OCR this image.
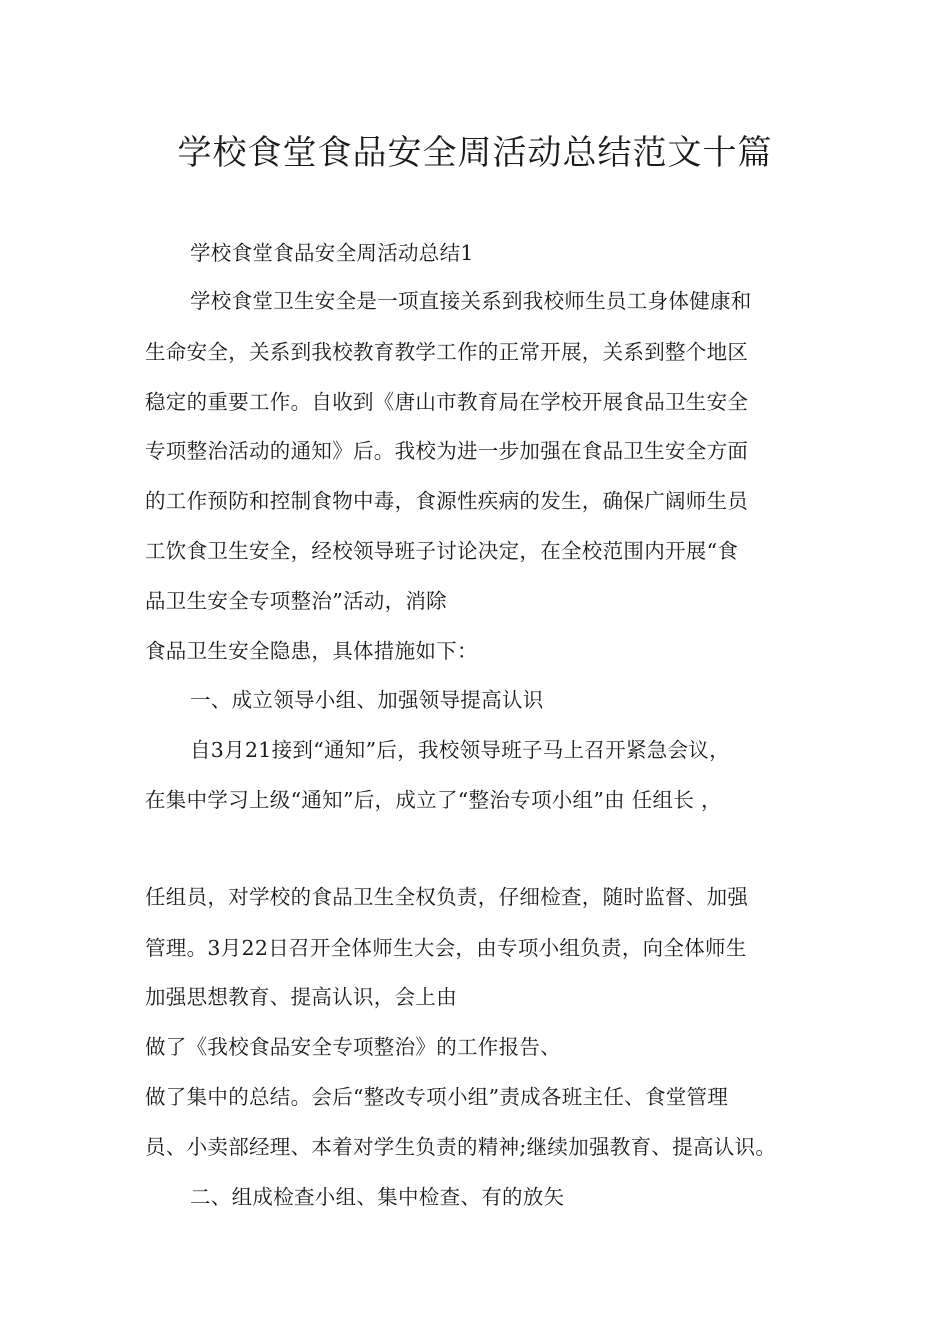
学校食堂食品安全周活动总结范文十篇
学校食堂食品安全周活动总结1
学校食堂卫生安全是一项直接关系到我校师生员工身体健康和
生命安全，关系到我校教育教学工作的正常开展，关系到整个地区
稳定的重要工作。自收到《唐山市教育局在学校开展食品卫生安全
专项整治活动的通知》后。我校为进一步加强在食品卫生安全方面
的工作预防和控制食物中毒，食源性疾病的发生，确保广阔师生员
工饮食卫生安全，经校领导班子讨论决定，在全校范围内开展“食
品卫生安全专项整治”活动，消除
食品卫生安全隐患，具体措施如下：
一、成立领导小组、加强领导提高认识
自3月21接到“通知”后，我校领导班子马上召开紧急会议，
在集中学习上级“通知”后，成立了“整治专项小组”由 任组长 ，
任组员，对学校的食品卫生全权负责，仔细检查，随时监督、加强
管理。3月22日召开全体师生大会，由专项小组负责，向全体师生
加强思想教育、提高认识，会上由
做了《我校食品安全专项整治》的工作报告、
做了集中的总结。会后“整改专项小组”责成各班主任、食堂管理
员、小卖部经理、本着对学生负责的精神;继续加强教育、提高认识。
二、组成检查小组、集中检查、有的放矢
